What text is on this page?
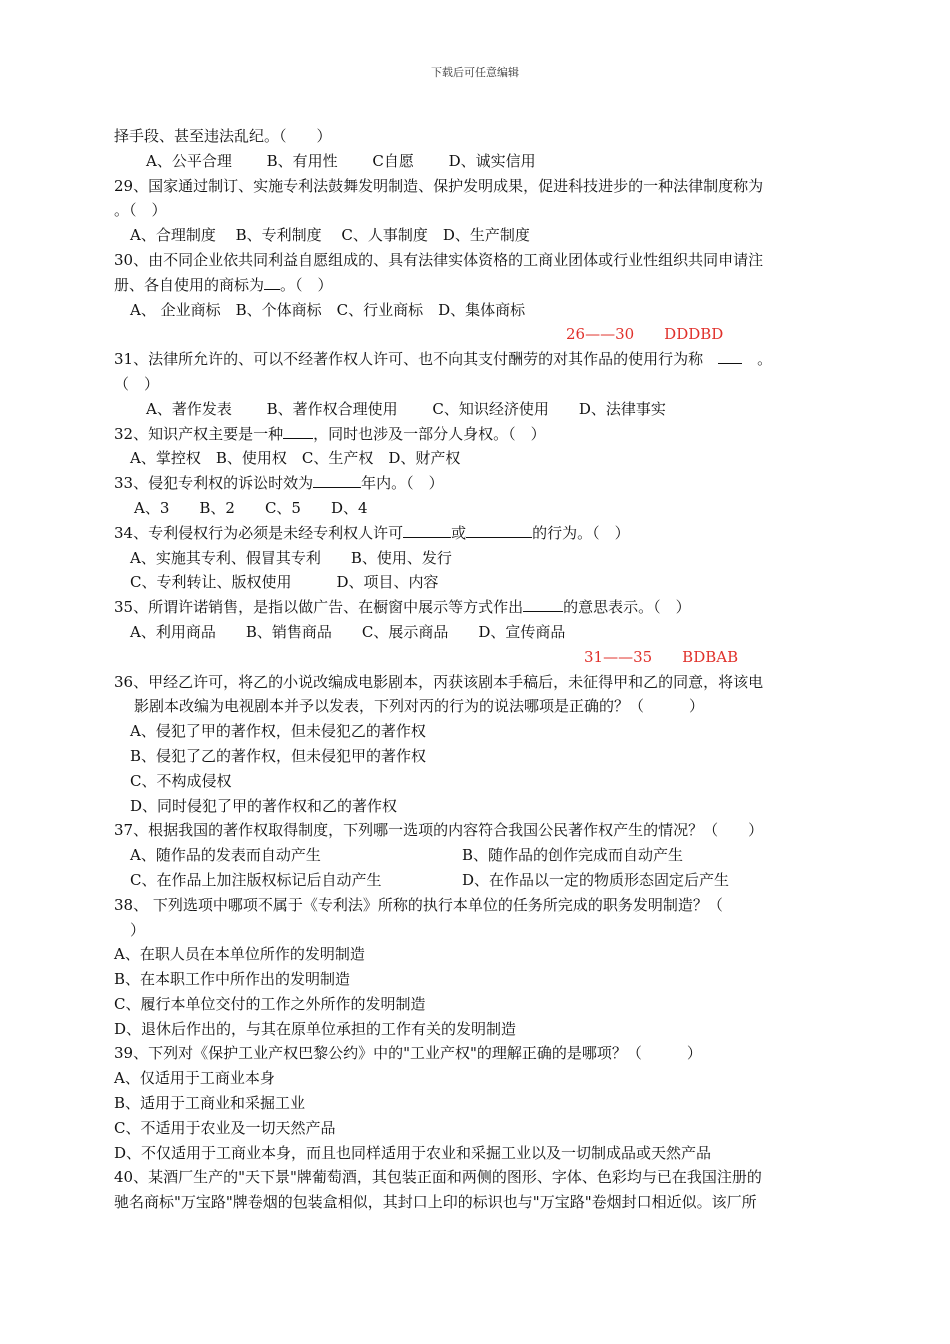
下载后可任意编辑
择手段、甚至违法乱纪。（　　）
A、公平合理　　 B、有用性　　 C自愿　　 D、诚实信用
29、国家通过制订、实施专利法鼓舞发明制造、保护发明成果，促进科技进步的一种法律制度称为
。（　）
A、合理制度　 B、专利制度　 C、人事制度　D、生产制度
30、由不同企业依共同利益自愿组成的、具有法律实体资格的工商业团体或行业性组织共同申请注
册、各自使用的商标为 。（　）
A、 企业商标　B、个体商标　C、行业商标　D、集体商标
26——30　　DDDBD
31、法律所允许的、可以不经著作权人许可、也不向其支付酬劳的对其作品的使用行为称　　	。
（　）
A、著作发表　　 B、著作权合理使用　　 C、知识经济使用　　D、法律事实
32、知识产权主要是一种 ，同时也涉及一部分人身权。（　）
A、掌控权　B、使用权　C、生产权　D、财产权
33、侵犯专利权的诉讼时效为	年内。（　）
A、3　　B、2　　C、5　　D、4
34、专利侵权行为必须是未经专利权人许可	或	的行为。（　）
A、实施其专利、假冒其专利　　B、使用、发行
C、专利转让、版权使用　　　D、项目、内容
35、所谓许诺销售，是指以做广告、在橱窗中展示等方式作出	的意思表示。（　）
A、利用商品　　B、销售商品　　C、展示商品　　D、宣传商品
31——35　　BDBAB
36、甲经乙许可，将乙的小说改编成电影剧本，丙获该剧本手稿后，未征得甲和乙的同意，将该电
影剧本改编为电视剧本并予以发表，下列对丙的行为的说法哪项是正确的？（　　　）
A、侵犯了甲的著作权，但未侵犯乙的著作权
B、侵犯了乙的著作权，但未侵犯甲的著作权
C、不构成侵权
D、同时侵犯了甲的著作权和乙的著作权
37、根据我国的著作权取得制度，下列哪一选项的内容符合我国公民著作权产生的情况？（　　）
A、随作品的发表而自动产生	B、随作品的创作完成而自动产生
C、在作品上加注版权标记后自动产生	D、在作品以一定的物质形态固定后产生
38、 下列选项中哪项不属于《专利法》所称的执行本单位的任务所完成的职务发明制造？（
）
A、在职人员在本单位所作的发明制造
B、在本职工作中所作出的发明制造
C、履行本单位交付的工作之外所作的发明制造
D、退休后作出的，与其在原单位承担的工作有关的发明制造
39、下列对《保护工业产权巴黎公约》中的"工业产权"的理解正确的是哪项？（　　　）
A、仅适用于工商业本身
B、适用于工商业和采掘工业
C、不适用于农业及一切天然产品
D、不仅适用于工商业本身，而且也同样适用于农业和采掘工业以及一切制成品或天然产品
40、某酒厂生产的"天下景"牌葡萄酒，其包装正面和两侧的图形、字体、色彩均与已在我国注册的
驰名商标"万宝路"牌卷烟的包装盒相似，其封口上印的标识也与"万宝路"卷烟封口相近似。该厂所
